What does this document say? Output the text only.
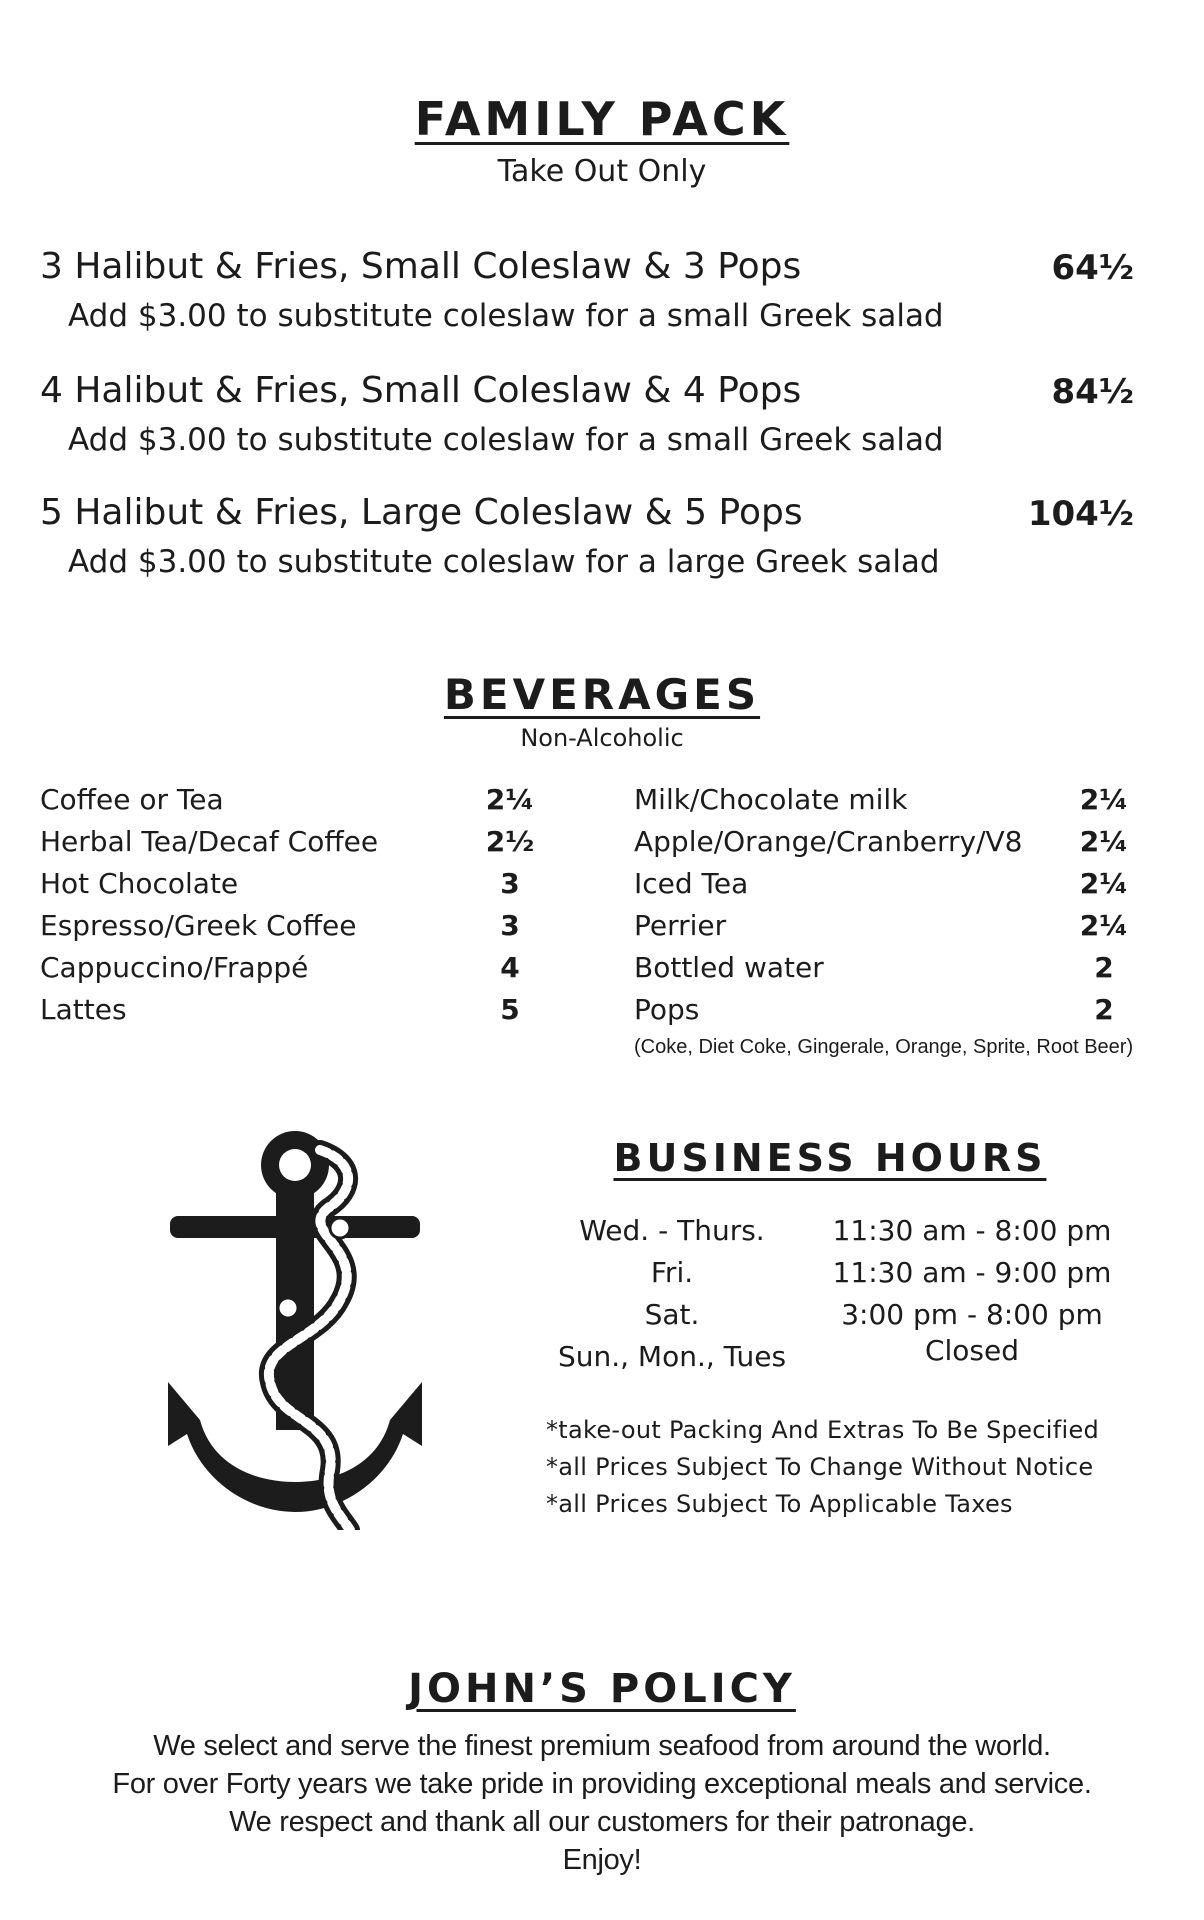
FAMILY PACK
Take Out Only
3 Halibut & Fries, Small Coleslaw & 3 Pops	64½
Add $3.00 to substitute coleslaw for a small Greek salad
4 Halibut & Fries, Small Coleslaw & 4 Pops	84½
Add $3.00 to substitute coleslaw for a small Greek salad
5 Halibut & Fries, Large Coleslaw & 5 Pops	104½
Add $3.00 to substitute coleslaw for a large Greek salad
BEVERAGES
Non-Alcoholic
Coffee or Tea	2¼
Herbal Tea/Decaf Coffee	2½
Hot Chocolate	3
Espresso/Greek Coffee	3
Cappuccino/Frappé	4
Lattes	5
Milk/Chocolate milk	2¼
Apple/Orange/Cranberry/V8 2¼
Iced Tea	2¼
Perrier	2¼
Bottled water	2
Pops	2
(Coke, Diet Coke, Gingerale, Orange, Sprite, Root Beer)
BUSINESS HOURS
Wed. - Thurs.	11:30 am - 8:00 pm
Fri.	11:30 am - 9:00 pm
Sat.	3:00 pm - 8:00 pm
Sun., Mon., Tues	Closed
*take-out Packing And Extras To Be Specified
*all Prices Subject To Change Without Notice
*all Prices Subject To Applicable Taxes
JOHN’S POLICY
We select and serve the finest premium seafood from around the world.
For over Forty years we take pride in providing exceptional meals and service.
We respect and thank all our customers for their patronage.
Enjoy!
